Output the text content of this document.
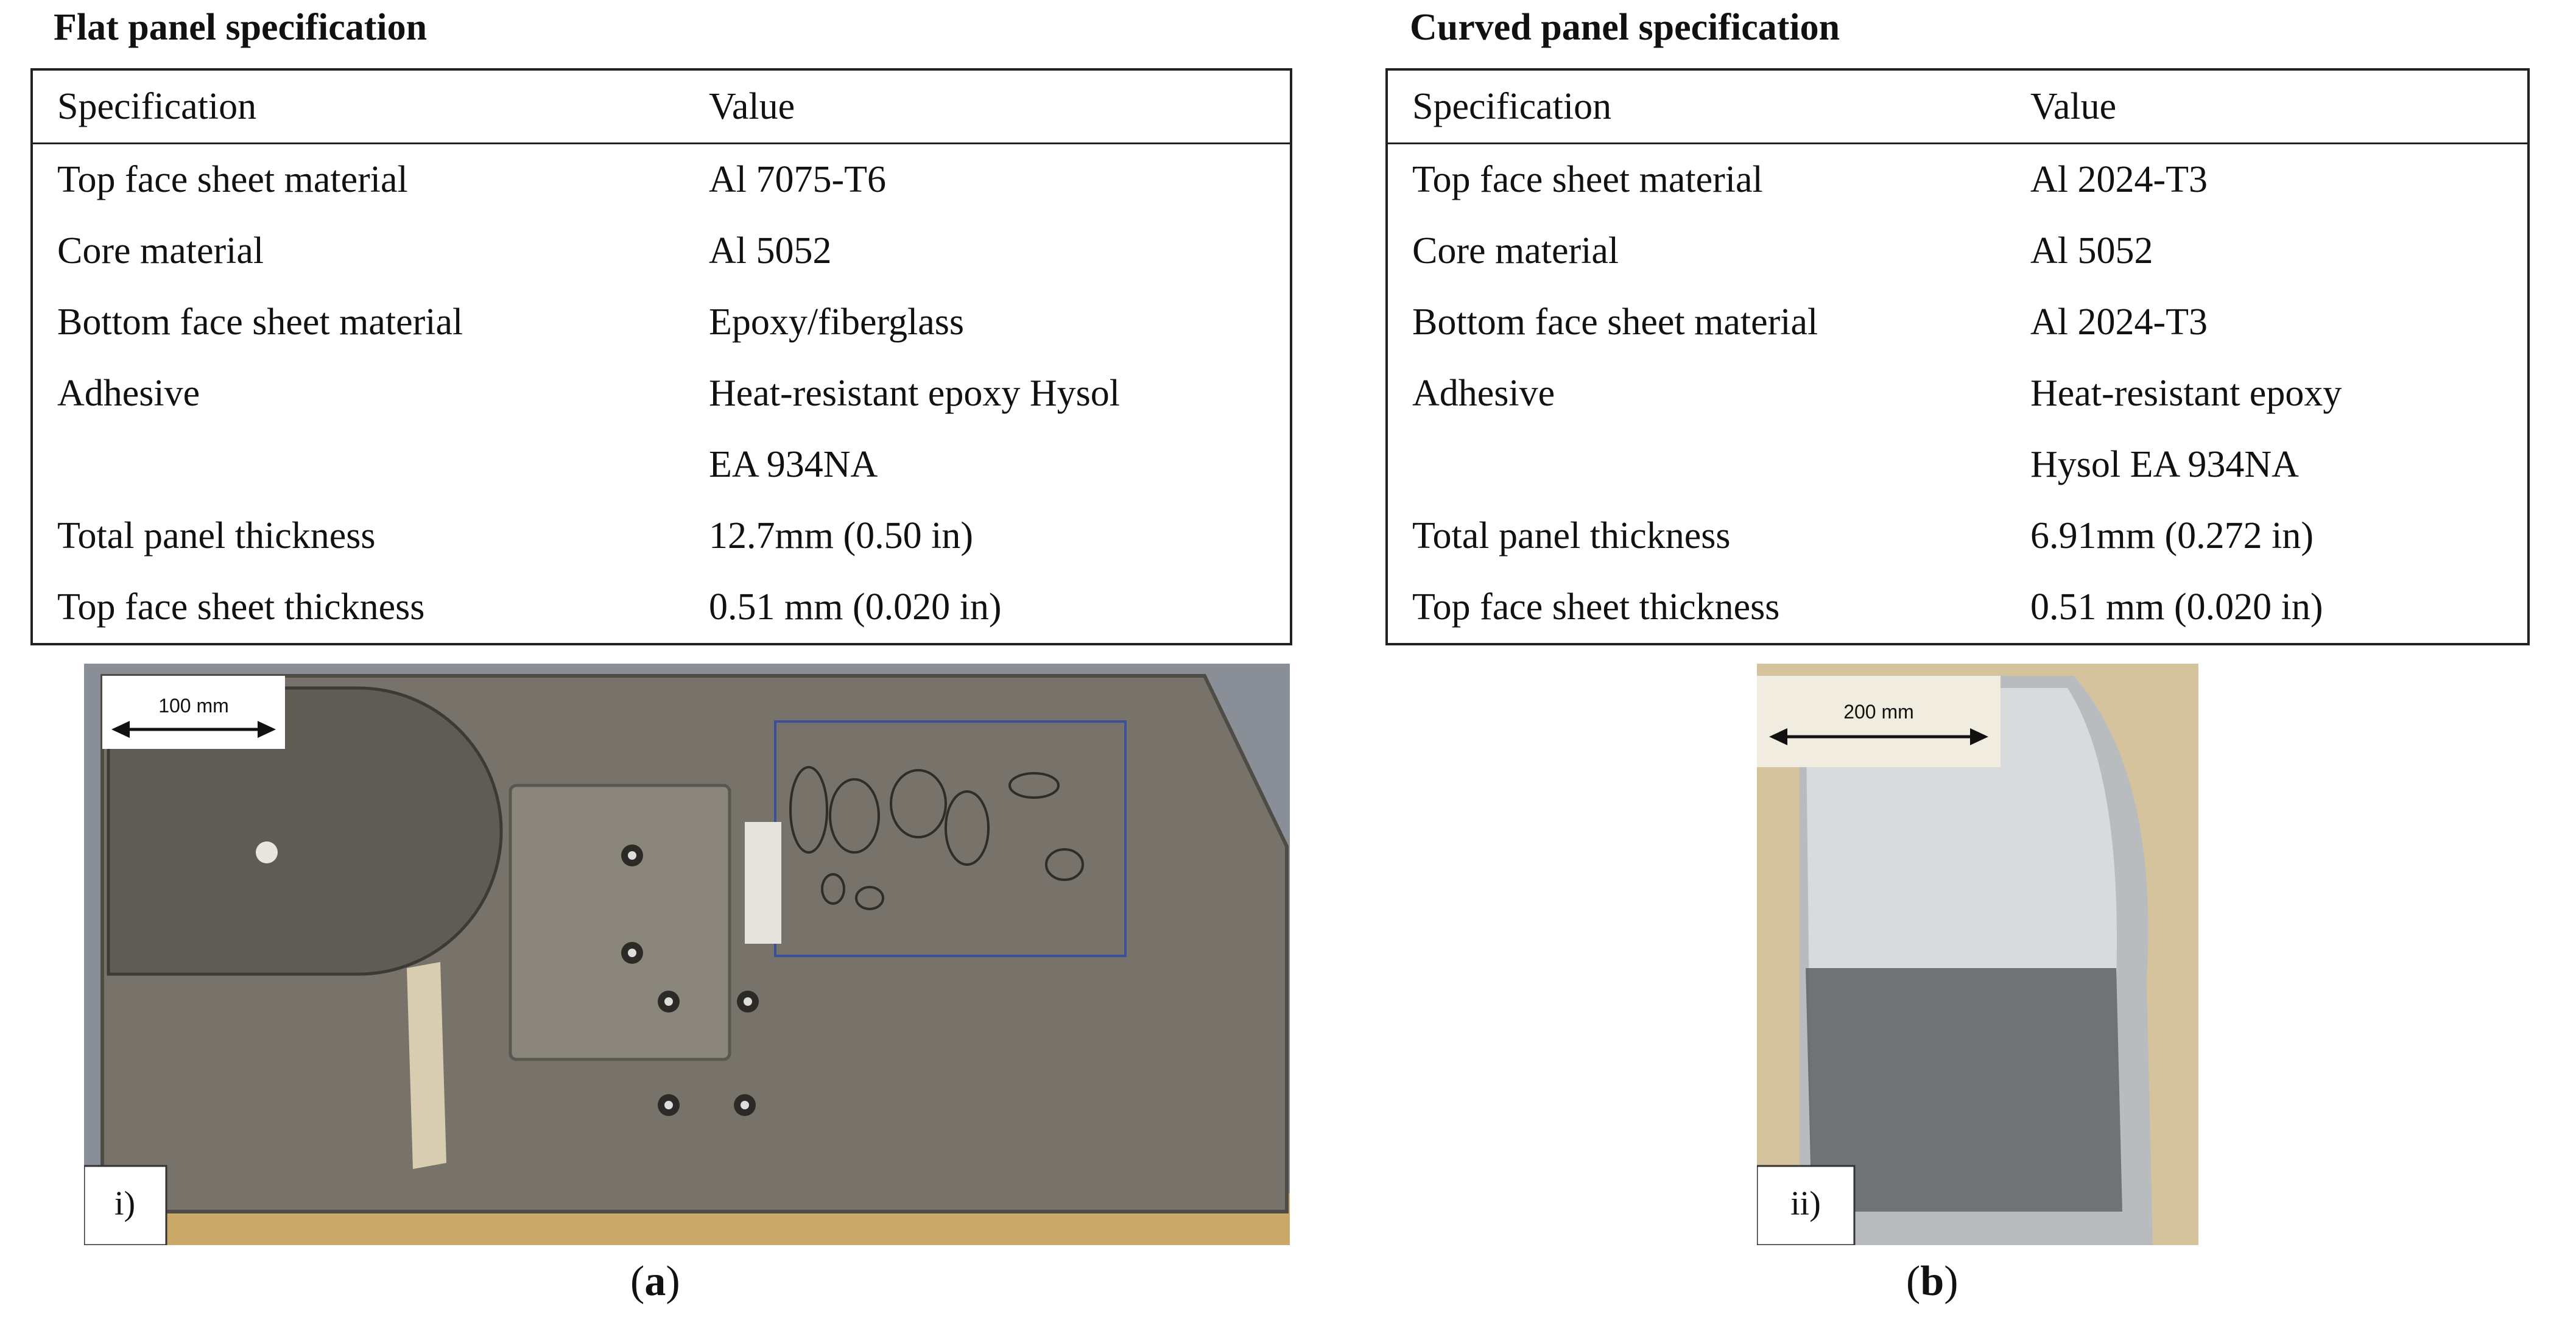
Flat panel specification
Specification	Value
Top face sheet material	Al 7075-T6
Core material	Al 5052
Bottom face sheet material	Epoxy/fiberglass
Adhesive	Heat-resistant epoxy Hysol
	EA 934NA
Total panel thickness	12.7mm (0.50 in)
Top face sheet thickness	0.51 mm (0.020 in)
Curved panel specification
Specification	Value
Top face sheet material	Al 2024-T3
Core material	Al 5052
Bottom face sheet material	Al 2024-T3
Adhesive	Heat-resistant epoxy
	Hysol EA 934NA
Total panel thickness	6.91mm (0.272 in)
Top face sheet thickness	0.51 mm (0.020 in)
100 mm
i)
200 mm
ii)
(a)	(b)
